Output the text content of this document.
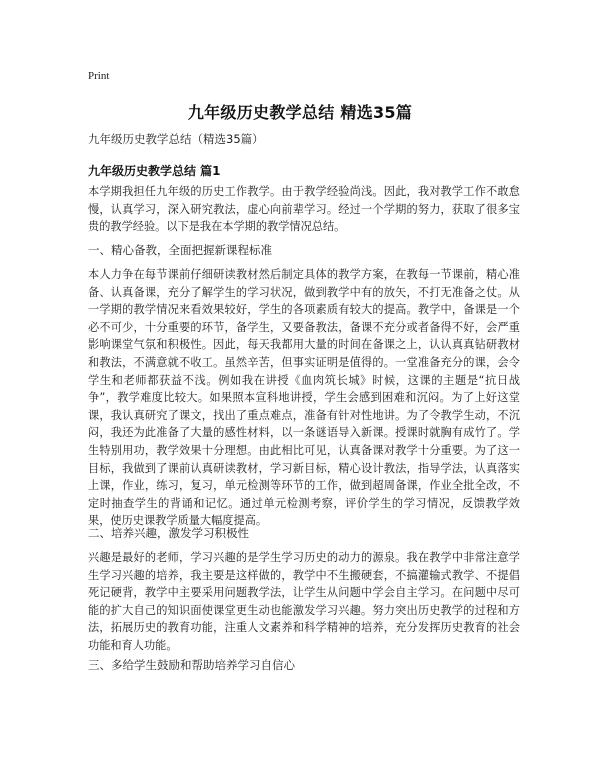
Print
九年级历史教学总结 精选35篇
九年级历史教学总结（精选35篇）
九年级历史教学总结 篇1
本学期我担任九年级的历史工作教学。由于教学经验尚浅。因此，我对教学工作不敢怠慢，认真学习，深入研究教法，虚心向前辈学习。经过一个学期的努力，获取了很多宝贵的教学经验。以下是我在本学期的教学情况总结。
一、精心备教，全面把握新课程标准
本人力争在每节课前仔细研读教材然后制定具体的教学方案，在教每一节课前，精心准备、认真备课，充分了解学生的学习状况，做到教学中有的放矢，不打无准备之仗。从一学期的教学情况来看效果较好，学生的各项素质有较大的提高。教学中，备课是一个必不可少，十分重要的环节，备学生，又要备教法，备课不充分或者备得不好，会严重影响课堂气氛和积极性。因此，每天我都用大量的时间在备课之上，认认真真钻研教材和教法，不满意就不收工。虽然辛苦，但事实证明是值得的。一堂准备充分的课，会令学生和老师都获益不浅。例如我在讲授《血肉筑长城》时候，这课的主题是“抗日战争”，教学难度比较大。如果照本宣科地讲授，学生会感到困难和沉闷。为了上好这堂课，我认真研究了课文，找出了重点难点，准备有针对性地讲。为了令教学生动，不沉闷，我还为此准备了大量的感性材料，以一条谜语导入新课。授课时就胸有成竹了。学生特别用功，教学效果十分理想。由此相比可见，认真备课对教学十分重要。为了这一目标，我做到了课前认真研读教材，学习新目标，精心设计教法，指导学法，认真落实上课，作业，练习，复习，单元检测等环节的工作，做到超周备课，作业全批全改，不定时抽查学生的背诵和记忆。通过单元检测考察，评价学生的学习情况，反馈教学效果，使历史课教学质量大幅度提高。
二、培养兴趣，激发学习积极性
兴趣是最好的老师，学习兴趣的是学生学习历史的动力的源泉。我在教学中非常注意学生学习兴趣的培养，我主要是这样做的，教学中不生搬硬套，不搞灌输式教学、不提倡死记硬背，教学中主要采用问题教学法，让学生从问题中学会自主学习。在问题中尽可能的扩大自己的知识面使课堂更生动也能激发学习兴趣。努力突出历史教学的过程和方法，拓展历史的教育功能，注重人文素养和科学精神的培养，充分发挥历史教育的社会功能和育人功能。
三、多给学生鼓励和帮助培养学习自信心
